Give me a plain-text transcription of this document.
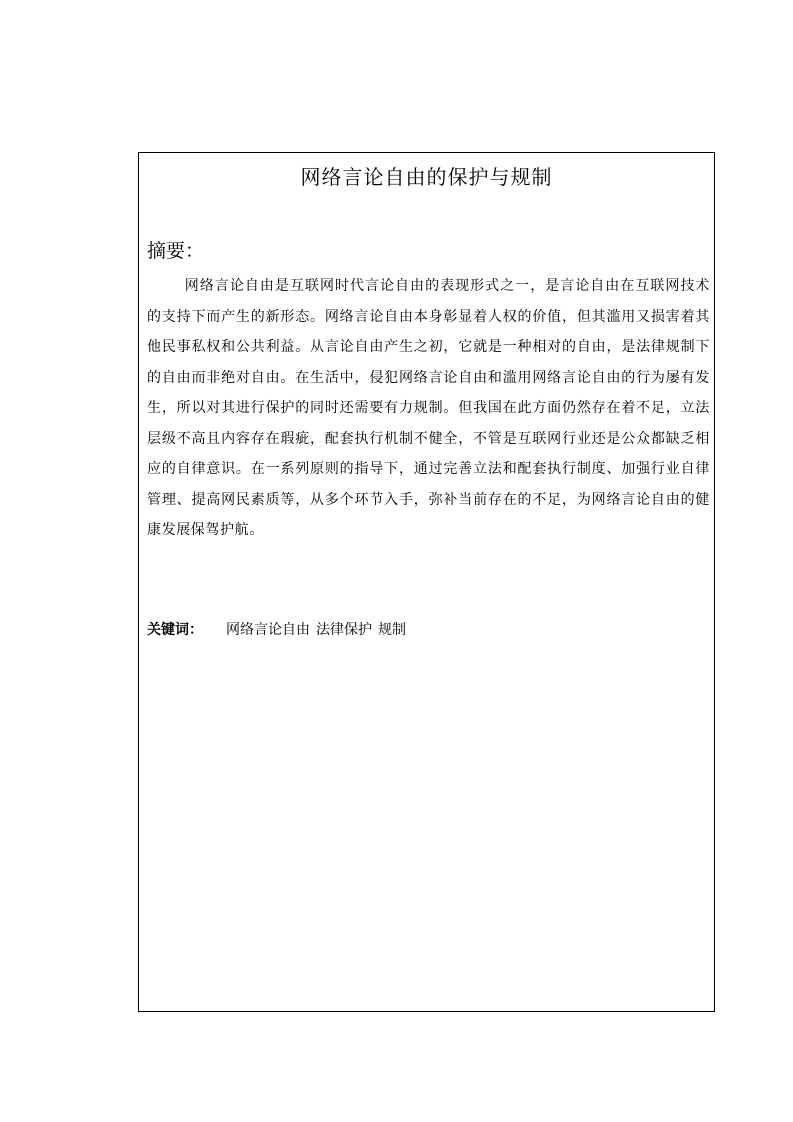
网络言论自由的保护与规制
摘要：

网络言论自由是互联网时代言论自由的表现形式之一，是言论自由在互联网技术的支持下而产生的新形态。网络言论自由本身彰显着人权的价值，但其滥用又损害着其他民事私权和公共利益。从言论自由产生之初，它就是一种相对的自由，是法律规制下的自由而非绝对自由。在生活中，侵犯网络言论自由和滥用网络言论自由的行为屡有发生，所以对其进行保护的同时还需要有力规制。但我国在此方面仍然存在着不足，立法层级不高且内容存在瑕疵，配套执行机制不健全，不管是互联网行业还是公众都缺乏相应的自律意识。在一系列原则的指导下，通过完善立法和配套执行制度、加强行业自律管理、提高网民素质等，从多个环节入手，弥补当前存在的不足，为网络言论自由的健康发展保驾护航。

关键词： 网络言论自由 法律保护 规制
